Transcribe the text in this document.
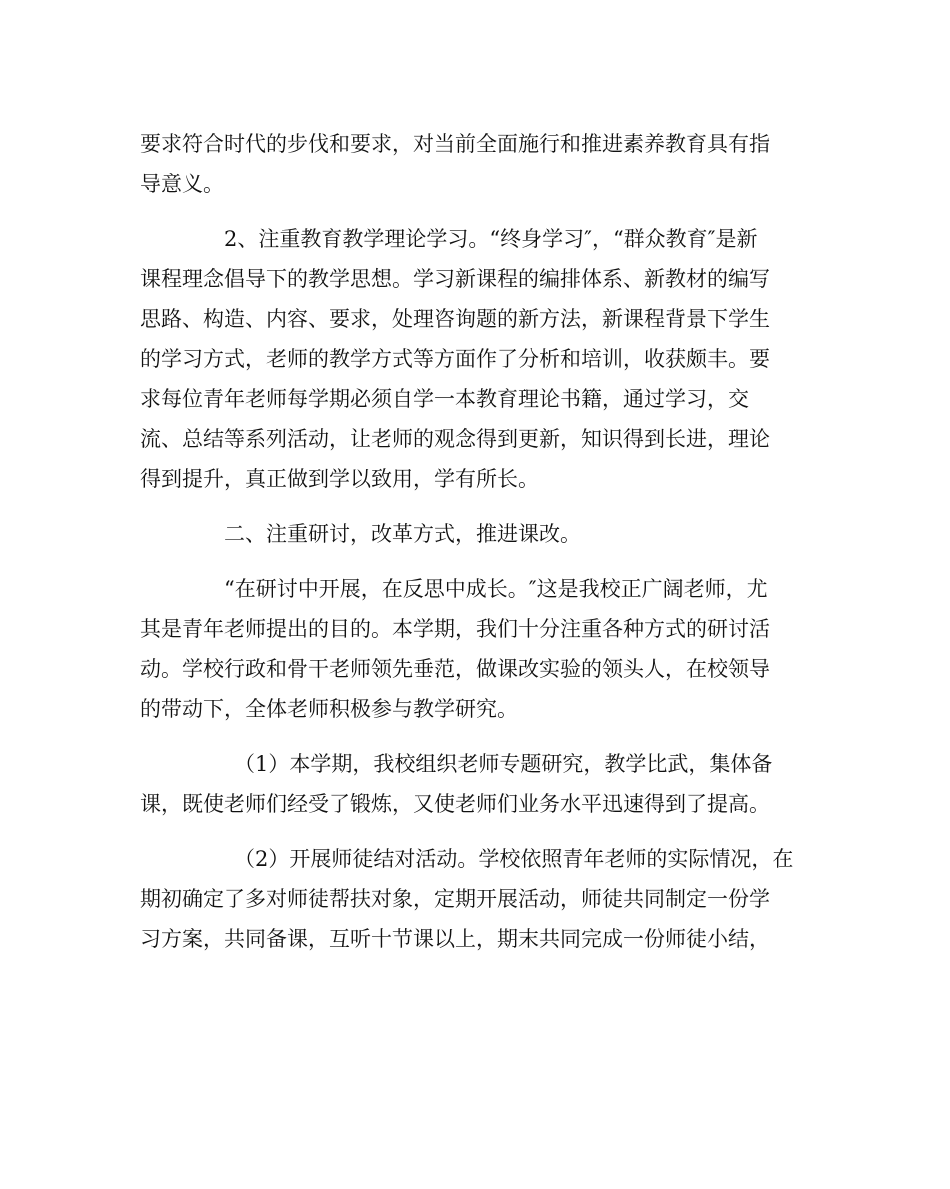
要求符合时代的步伐和要求，对当前全面施行和推进素养教育具有指
导意义。
2、注重教育教学理论学习。“终身学习″，“群众教育″是新
课程理念倡导下的教学思想。学习新课程的编排体系、新教材的编写
思路、构造、内容、要求，处理咨询题的新方法，新课程背景下学生
的学习方式，老师的教学方式等方面作了分析和培训，收获颇丰。要
求每位青年老师每学期必须自学一本教育理论书籍，通过学习，交
流、总结等系列活动，让老师的观念得到更新，知识得到长进，理论
得到提升，真正做到学以致用，学有所长。
二、注重研讨，改革方式，推进课改。
“在研讨中开展，在反思中成长。″这是我校正广阔老师，尤
其是青年老师提出的目的。本学期，我们十分注重各种方式的研讨活
动。学校行政和骨干老师领先垂范，做课改实验的领头人，在校领导
的带动下，全体老师积极参与教学研究。
（1）本学期，我校组织老师专题研究，教学比武，集体备
课，既使老师们经受了锻炼，又使老师们业务水平迅速得到了提高。
（2）开展师徒结对活动。学校依照青年老师的实际情况，在
期初确定了多对师徒帮扶对象，定期开展活动，师徒共同制定一份学
习方案，共同备课，互听十节课以上，期末共同完成一份师徒小结，
